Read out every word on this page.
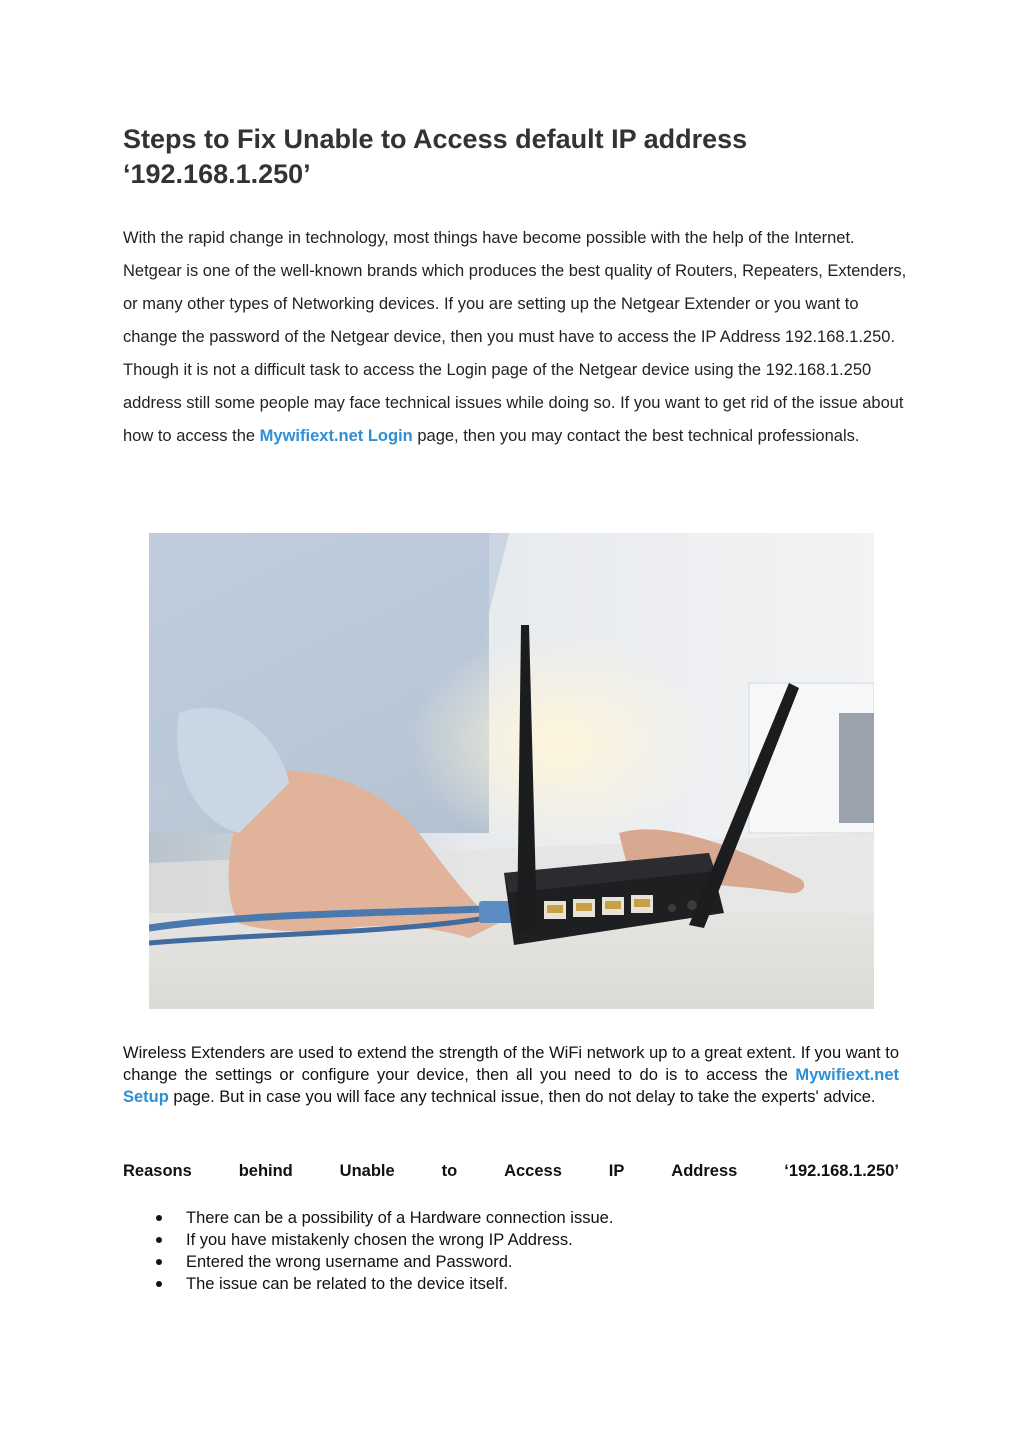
Steps to Fix Unable to Access default IP address ‘192.168.1.250’

With the rapid change in technology, most things have become possible with the help of the Internet. Netgear is one of the well-known brands which produces the best quality of Routers, Repeaters, Extenders, or many other types of Networking devices. If you are setting up the Netgear Extender or you want to change the password of the Netgear device, then you must have to access the IP Address 192.168.1.250. Though it is not a difficult task to access the Login page of the Netgear device using the 192.168.1.250 address still some people may face technical issues while doing so. If you want to get rid of the issue about how to access the Mywifiext.net Login page, then you may contact the best technical professionals.

Wireless Extenders are used to extend the strength of the WiFi network up to a great extent. If you want to change the settings or configure your device, then all you need to do is to access the Mywifiext.net Setup page. But in case you will face any technical issue, then do not delay to take the experts' advice.

Reasons	behind	Unable	to	Access	IP	Address	‘192.168.1.250’
There can be a possibility of a Hardware connection issue.
If you have mistakenly chosen the wrong IP Address.
Entered the wrong username and Password.
The issue can be related to the device itself.
